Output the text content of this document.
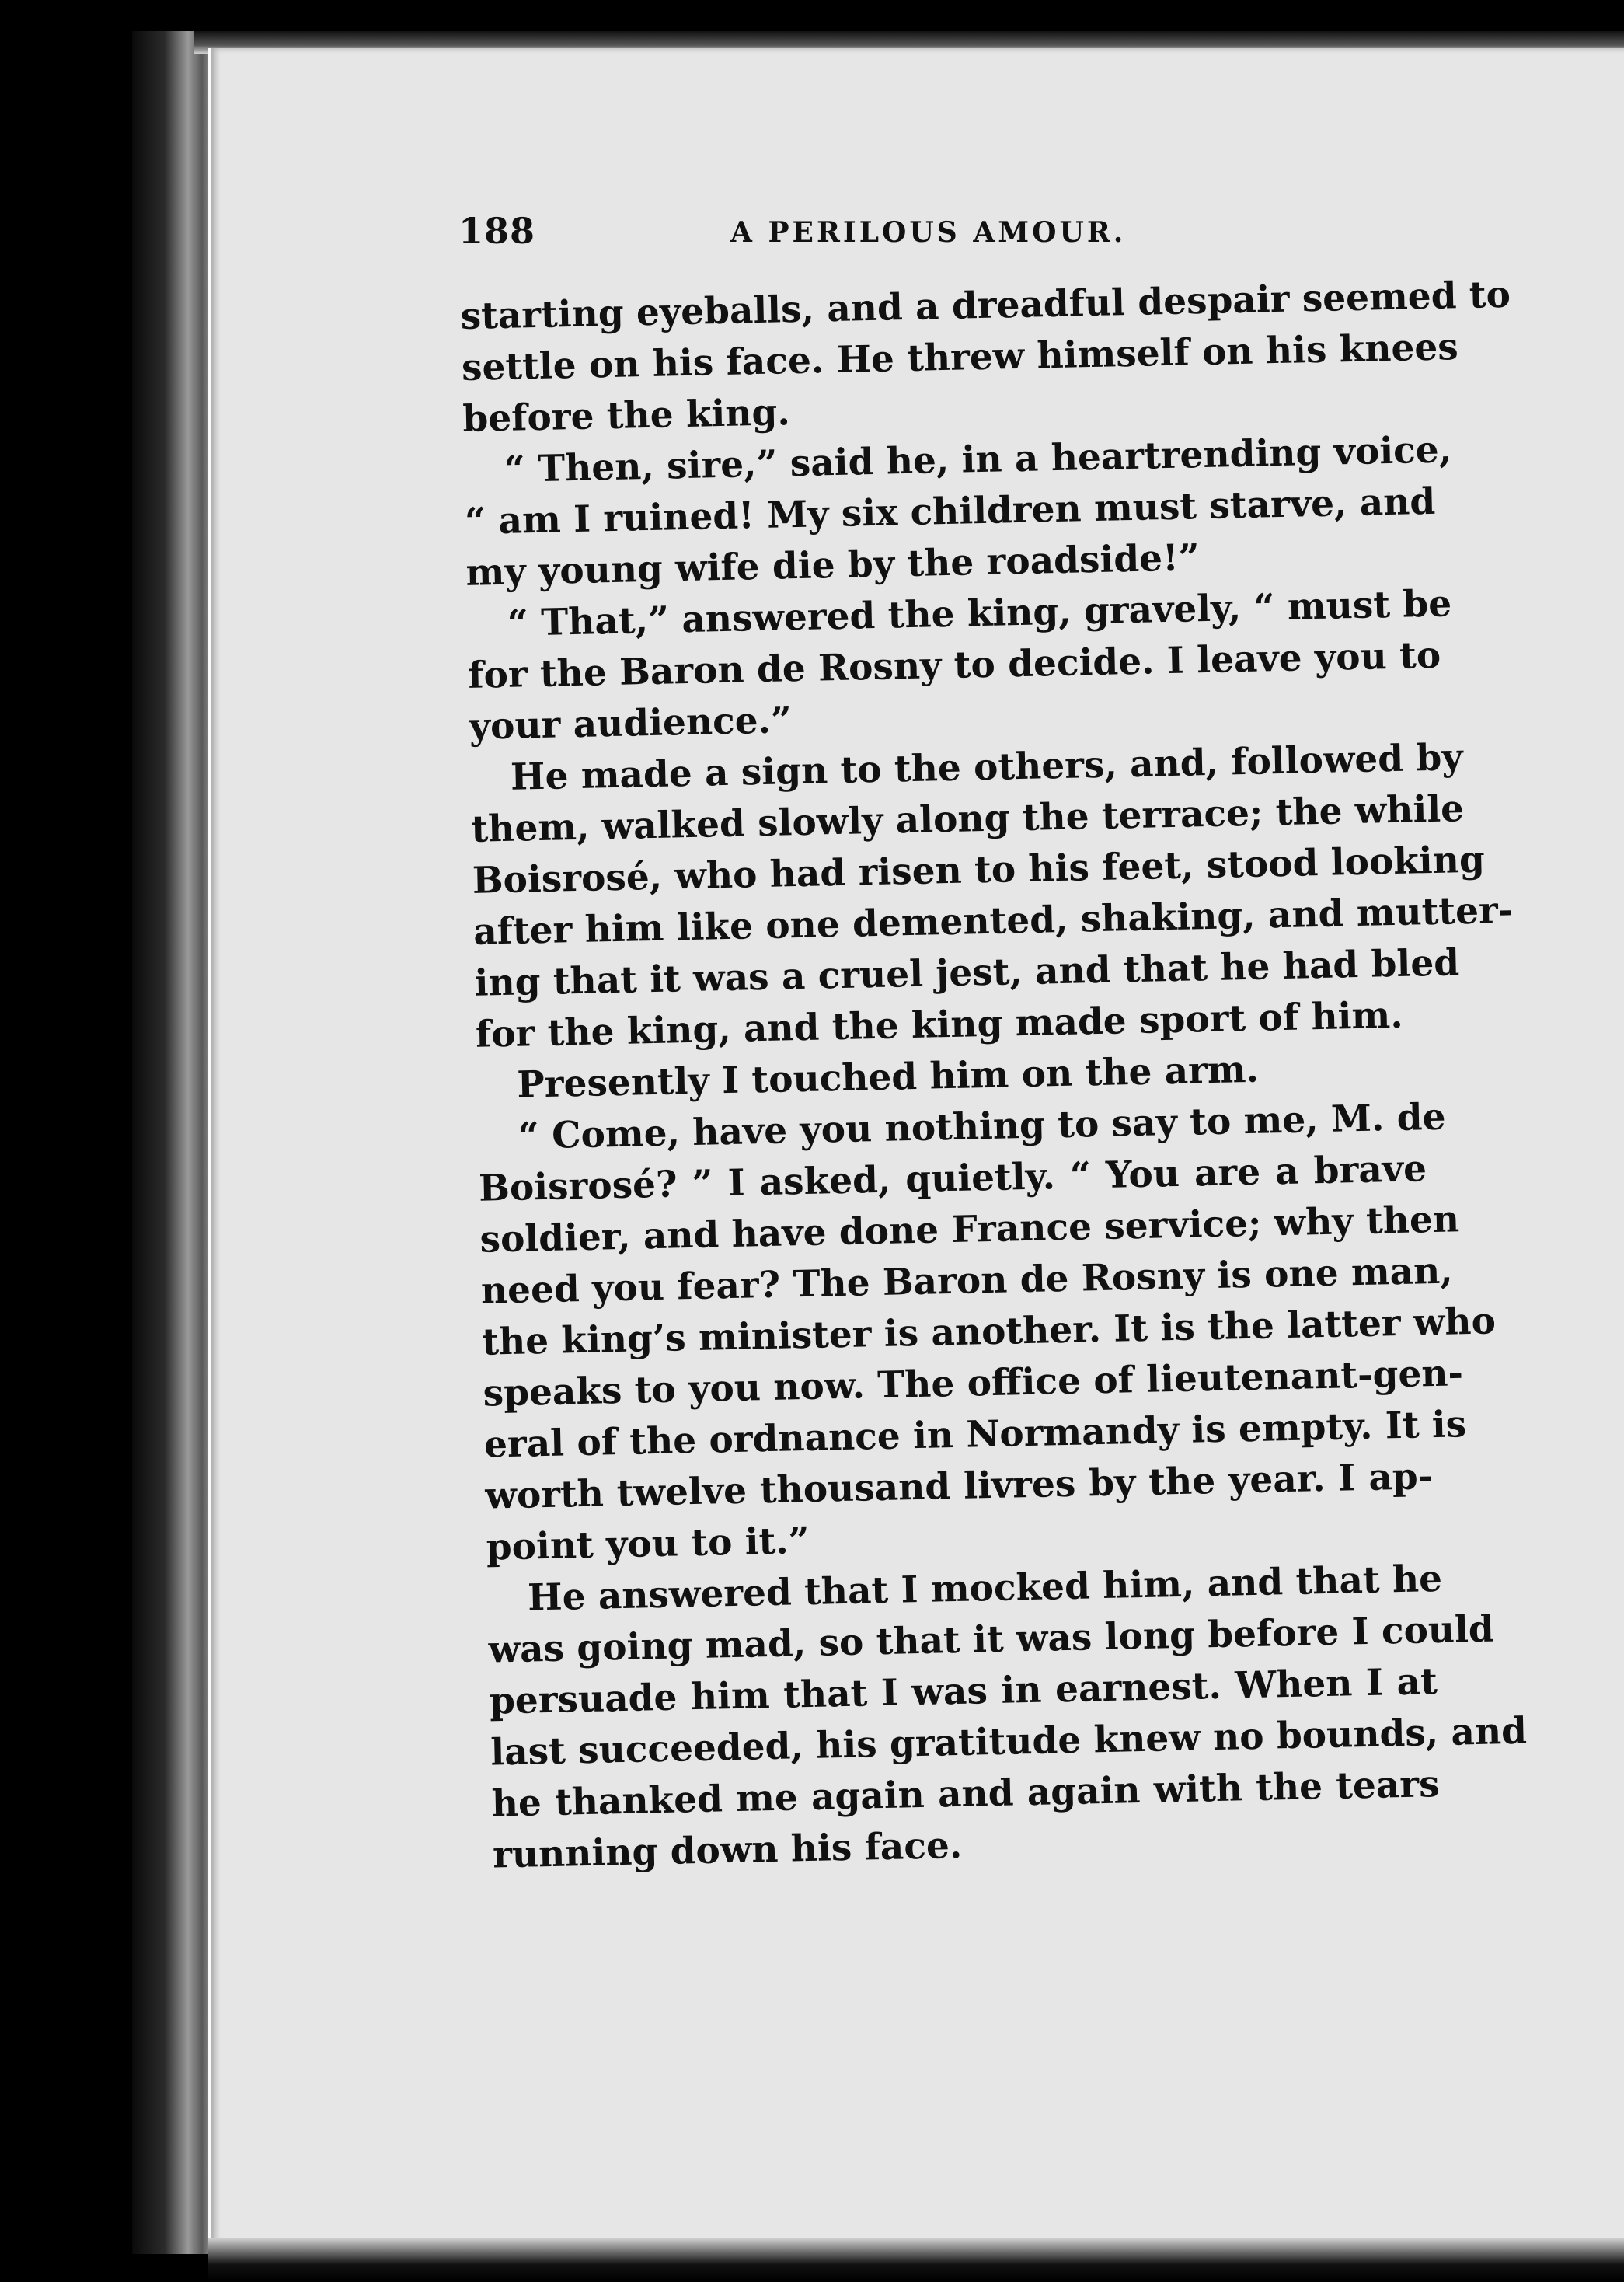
188	A PERILOUS AMOUR.
starting eyeballs, and a dreadful despair seemed to
settle on his face. He threw himself on his knees
before the king.
“ Then, sire,” said he, in a heartrending voice,
“ am I ruined! My six children must starve, and
my young wife die by the roadside!”
“ That,” answered the king, gravely, “ must be
for the Baron de Rosny to decide. I leave you to
your audience.”
He made a sign to the others, and, followed by
them, walked slowly along the terrace; the while
Boisrosé, who had risen to his feet, stood looking
after him like one demented, shaking, and mutter-
ing that it was a cruel jest, and that he had bled
for the king, and the king made sport of him.
Presently I touched him on the arm.
“ Come, have you nothing to say to me, M. de
Boisrosé? ” I asked, quietly. “ You are a brave
soldier, and have done France service; why then
need you fear? The Baron de Rosny is one man,
the king’s minister is another. It is the latter who
speaks to you now. The office of lieutenant-gen-
eral of the ordnance in Normandy is empty. It is
worth twelve thousand livres by the year. I ap-
point you to it.”
He answered that I mocked him, and that he
was going mad, so that it was long before I could
persuade him that I was in earnest. When I at
last succeeded, his gratitude knew no bounds, and
he thanked me again and again with the tears
running down his face.
